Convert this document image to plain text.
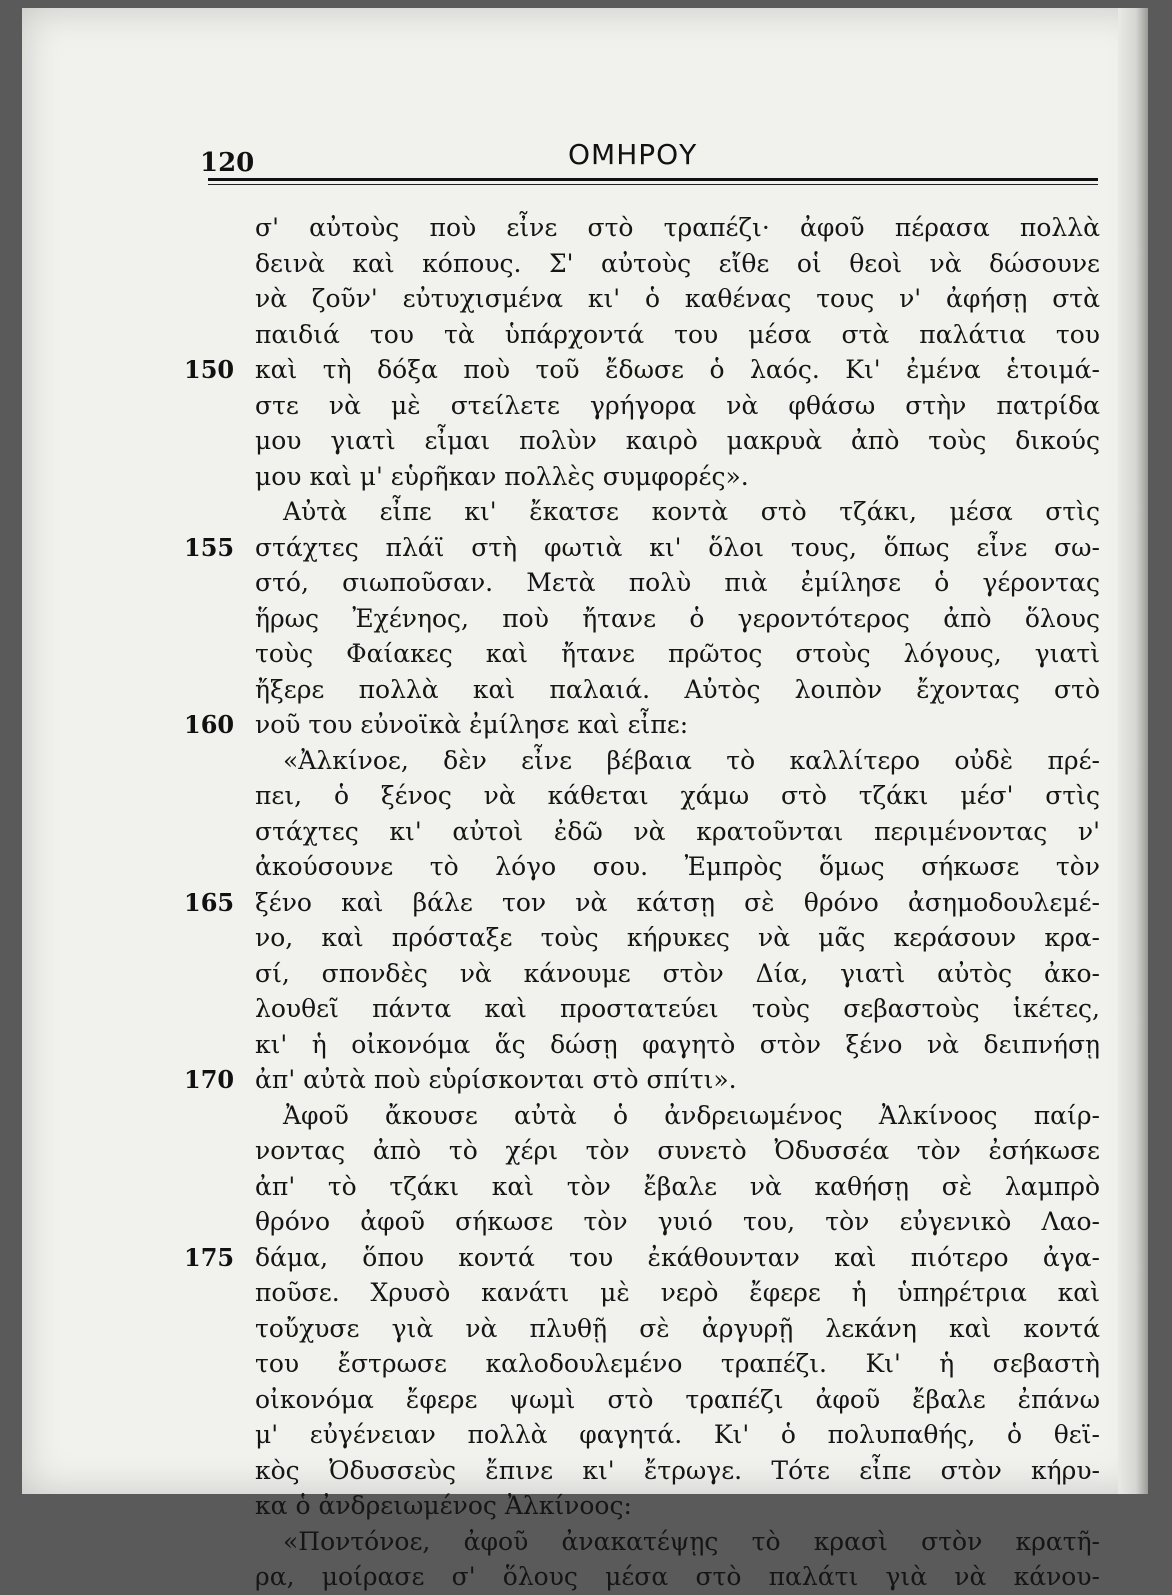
120	ΟΜΗΡΟΥ
150
155
160
165
170
175
σ' αὐτοὺς ποὺ εἶνε στὸ τραπέζι· ἀφοῦ πέρασα πολλὰ
δεινὰ καὶ κόπους. Σ' αὐτοὺς εἴθε οἱ θεοὶ νὰ δώσουνε
νὰ ζοῦν' εὐτυχισμένα κι' ὁ καθένας τους ν' ἀφήσῃ στὰ
παιδιά του τὰ ὑπάρχοντά του μέσα στὰ παλάτια του
καὶ τὴ δόξα ποὺ τοῦ ἔδωσε ὁ λαός. Κι' ἐμένα ἑτοιμά-
στε νὰ μὲ στείλετε γρήγορα νὰ φθάσω στὴν πατρίδα
μου γιατὶ εἶμαι πολὺν καιρὸ μακρυὰ ἀπὸ τοὺς δικούς
μου καὶ μ' εὑρῆκαν πολλὲς συμφορές».
Αὐτὰ εἶπε κι' ἔκατσε κοντὰ στὸ τζάκι, μέσα στὶς
στάχτες πλάϊ στὴ φωτιὰ κι' ὅλοι τους, ὅπως εἶνε σω-
στό, σιωποῦσαν. Μετὰ πολὺ πιὰ ἐμίλησε ὁ γέροντας
ἥρως Ἐχένηος, ποὺ ἤτανε ὁ γεροντότερος ἀπὸ ὅλους
τοὺς Φαίακες καὶ ἤτανε πρῶτος στοὺς λόγους, γιατὶ
ἤξερε πολλὰ καὶ παλαιά. Αὐτὸς λοιπὸν ἔχοντας στὸ
νοῦ του εὐνοϊκὰ ἐμίλησε καὶ εἶπε:
«Ἀλκίνοε, δὲν εἶνε βέβαια τὸ καλλίτερο οὐδὲ πρέ-
πει, ὁ ξένος νὰ κάθεται χάμω στὸ τζάκι μέσ' στὶς
στάχτες κι' αὐτοὶ ἐδῶ νὰ κρατοῦνται περιμένοντας ν'
ἀκούσουνε τὸ λόγο σου. Ἐμπρὸς ὅμως σήκωσε τὸν
ξένο καὶ βάλε τον νὰ κάτσῃ σὲ θρόνο ἀσημοδουλεμέ-
νο, καὶ πρόσταξε τοὺς κήρυκες νὰ μᾶς κεράσουν κρα-
σί, σπονδὲς νὰ κάνουμε στὸν Δία, γιατὶ αὐτὸς ἀκο-
λουθεῖ πάντα καὶ προστατεύει τοὺς σεβαστοὺς ἱκέτες,
κι' ἡ οἰκονόμα ἅς δώσῃ φαγητὸ στὸν ξένο νὰ δειπνήσῃ
ἀπ' αὐτὰ ποὺ εὑρίσκονται στὸ σπίτι».
Ἀφοῦ ἄκουσε αὐτὰ ὁ ἀνδρειωμένος Ἀλκίνοος παίρ-
νοντας ἀπὸ τὸ χέρι τὸν συνετὸ Ὀδυσσέα τὸν ἐσήκωσε
ἀπ' τὸ τζάκι καὶ τὸν ἔβαλε νὰ καθήσῃ σὲ λαμπρὸ
θρόνο ἀφοῦ σήκωσε τὸν γυιό του, τὸν εὐγενικὸ Λαο-
δάμα, ὅπου κοντά του ἐκάθουνταν καὶ πιότερο ἀγα-
ποῦσε. Χρυσὸ κανάτι μὲ νερὸ ἔφερε ἡ ὑπηρέτρια καὶ
τοὔχυσε γιὰ νὰ πλυθῇ σὲ ἀργυρῇ λεκάνη καὶ κοντά
του ἔστρωσε καλοδουλεμένο τραπέζι. Κι' ἡ σεβαστὴ
οἰκονόμα ἔφερε ψωμὶ στὸ τραπέζι ἀφοῦ ἔβαλε ἐπάνω
μ' εὐγένειαν πολλὰ φαγητά. Κι' ὁ πολυπαθής, ὁ θεϊ-
κὸς Ὀδυσσεὺς ἔπινε κι' ἔτρωγε. Τότε εἶπε στὸν κήρυ-
κα ὁ ἀνδρειωμένος Ἀλκίνοος:
«Ποντόνοε, ἀφοῦ ἀνακατέψῃς τὸ κρασὶ στὸν κρατῆ-
ρα, μοίρασε σ' ὅλους μέσα στὸ παλάτι γιὰ νὰ κάνου-
